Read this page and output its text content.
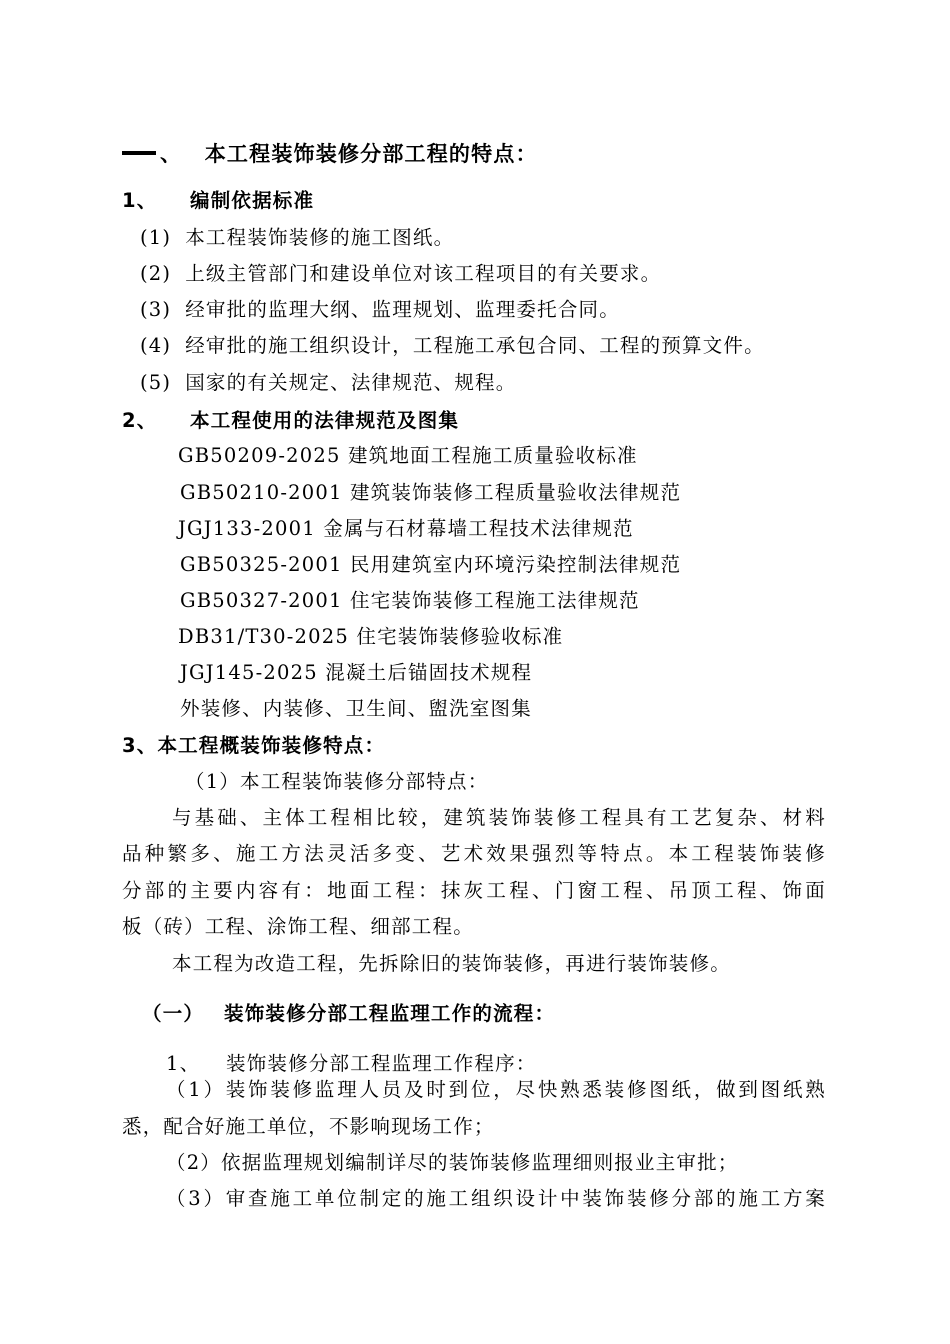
、 本工程装饰装修分部工程的特点：
1、 编制依据标准
(1) 本工程装饰装修的施工图纸。
(2) 上级主管部门和建设单位对该工程项目的有关要求。
(3) 经审批的监理大纲、监理规划、监理委托合同。
(4) 经审批的施工组织设计，工程施工承包合同、工程的预算文件。
(5) 国家的有关规定、法律规范、规程。
2、 本工程使用的法律规范及图集
GB50209-2025 建筑地面工程施工质量验收标准
GB50210-2001 建筑装饰装修工程质量验收法律规范
JGJ133-2001 金属与石材幕墙工程技术法律规范
GB50325-2001 民用建筑室内环境污染控制法律规范
GB50327-2001 住宅装饰装修工程施工法律规范
DB31/T30-2025 住宅装饰装修验收标准
JGJ145-2025 混凝土后锚固技术规程
外装修、内装修、卫生间、盥洗室图集
3、本工程概装饰装修特点：
（1）本工程装饰装修分部特点：
与基础、主体工程相比较，建筑装饰装修工程具有工艺复杂、材料
品种繁多、施工方法灵活多变、艺术效果强烈等特点。本工程装饰装修
分部的主要内容有：地面工程：抹灰工程、门窗工程、吊顶工程、饰面
板（砖）工程、涂饰工程、细部工程。
本工程为改造工程，先拆除旧的装饰装修，再进行装饰装修。
（一） 装饰装修分部工程监理工作的流程：
1、 装饰装修分部工程监理工作程序：
（1）装饰装修监理人员及时到位，尽快熟悉装修图纸，做到图纸熟
悉，配合好施工单位，不影响现场工作；
（2）依据监理规划编制详尽的装饰装修监理细则报业主审批；
（3）审查施工单位制定的施工组织设计中装饰装修分部的施工方案
